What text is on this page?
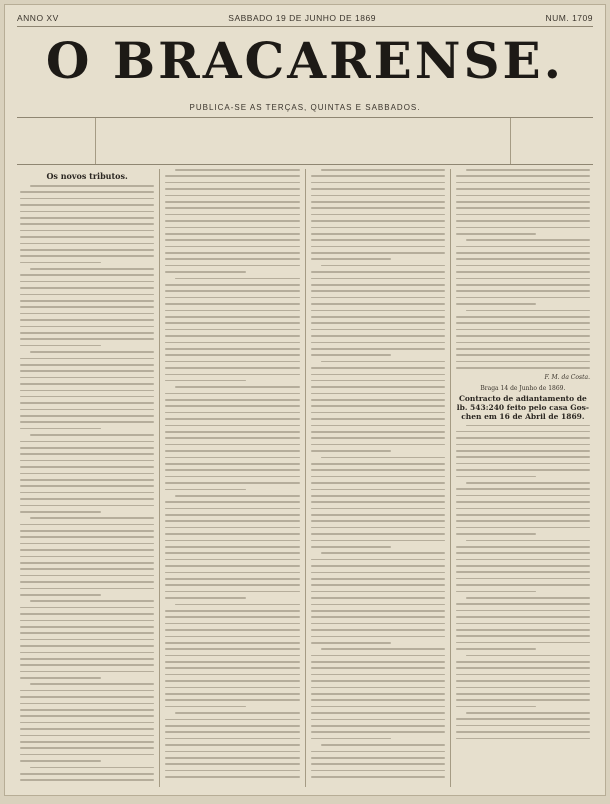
ANNO XV	SABBADO 19 DE JUNHO DE 1869	NUM. 1709
O BRACARENSE.
PUBLICA-SE AS TERÇAS, QUINTAS E SABBADOS.
Os novos tributos.
F. M. da Costa.
Braga 14 de Junho de 1869.
Contracto de adiantamento de lb. 543:240 feito pelo casa Gos- chen em 16 de Abril de 1869.
